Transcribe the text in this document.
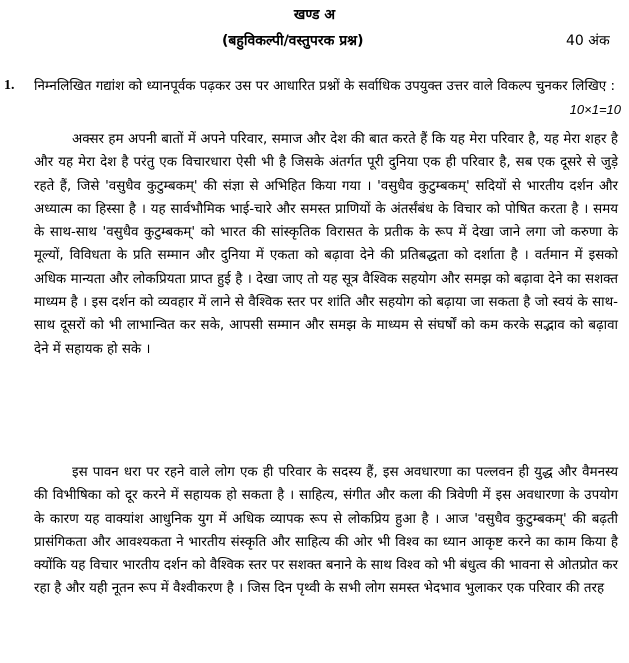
खण्ड अ
(बहुविकल्पी/वस्तुपरक प्रश्न)	40 अंक
1. निम्नलिखित गद्यांश को ध्यानपूर्वक पढ़कर उस पर आधारित प्रश्नों के सर्वाधिक उपयुक्त उत्तर वाले विकल्प चुनकर लिखिए :

10×1=10

अक्सर हम अपनी बातों में अपने परिवार, समाज और देश की बात करते हैं कि यह मेरा परिवार है, यह मेरा शहर है और यह मेरा देश है परंतु एक विचारधारा ऐसी भी है जिसके अंतर्गत पूरी दुनिया एक ही परिवार है, सब एक दूसरे से जुड़े रहते हैं, जिसे 'वसुधैव कुटुम्बकम्' की संज्ञा से अभिहित किया गया । 'वसुधैव कुटुम्बकम्' सदियों से भारतीय दर्शन और अध्यात्म का हिस्सा है । यह सार्वभौमिक भाई-चारे और समस्त प्राणियों के अंतर्संबंध के विचार को पोषित करता है । समय के साथ-साथ 'वसुधैव कुटुम्बकम्' को भारत की सांस्कृतिक विरासत के प्रतीक के रूप में देखा जाने लगा जो करुणा के मूल्यों, विविधता के प्रति सम्मान और दुनिया में एकता को बढ़ावा देने की प्रतिबद्धता को दर्शाता है । वर्तमान में इसको अधिक मान्यता और लोकप्रियता प्राप्त हुई है । देखा जाए तो यह सूत्र वैश्विक सहयोग और समझ को बढ़ावा देने का सशक्त माध्यम है । इस दर्शन को व्यवहार में लाने से वैश्विक स्तर पर शांति और सहयोग को बढ़ाया जा सकता है जो स्वयं के साथ-साथ दूसरों को भी लाभान्वित कर सके, आपसी सम्मान और समझ के माध्यम से संघर्षों को कम करके सद्भाव को बढ़ावा देने में सहायक हो सके ।

इस पावन धरा पर रहने वाले लोग एक ही परिवार के सदस्य हैं, इस अवधारणा का पल्लवन ही युद्ध और वैमनस्य की विभीषिका को दूर करने में सहायक हो सकता है । साहित्य, संगीत और कला की त्रिवेणी में इस अवधारणा के उपयोग के कारण यह वाक्यांश आधुनिक युग में अधिक व्यापक रूप से लोकप्रिय हुआ है । आज 'वसुधैव कुटुम्बकम्' की बढ़ती प्रासंगिकता और आवश्यकता ने भारतीय संस्कृति और साहित्य की ओर भी विश्व का ध्यान आकृष्ट करने का काम किया है क्योंकि यह विचार भारतीय दर्शन को वैश्विक स्तर पर सशक्त बनाने के साथ विश्व को भी बंधुत्व की भावना से ओतप्रोत कर रहा है और यही नूतन रूप में वैश्वीकरण है । जिस दिन पृथ्वी के सभी लोग समस्त भेदभाव भुलाकर एक परिवार की तरह
